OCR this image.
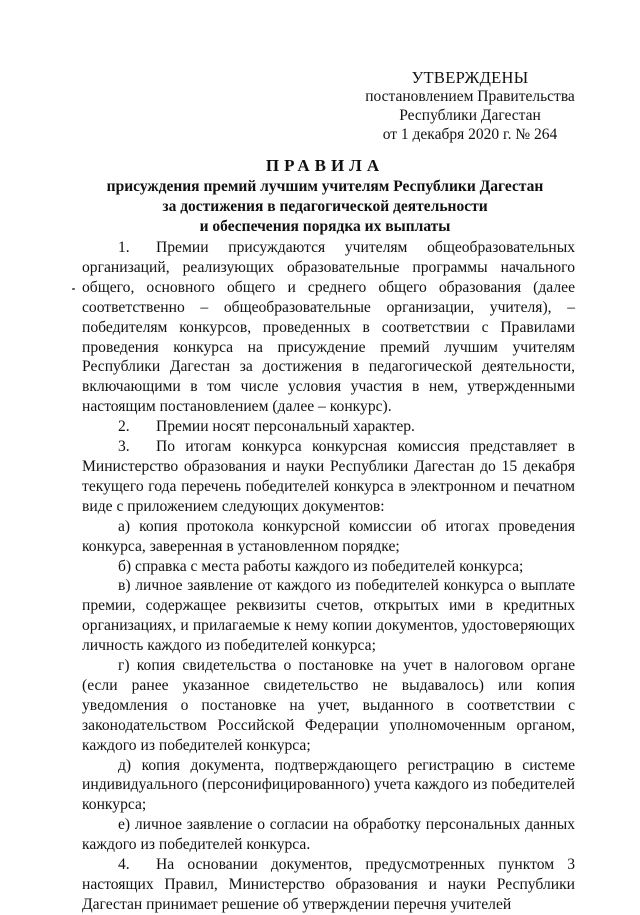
УТВЕРЖДЕНЫ
постановлением Правительства
Республики Дагестан
от 1 декабря 2020 г. № 264
ПРАВИЛА
присуждения премий лучшим учителям Республики Дагестан
за достижения в педагогической деятельности
и обеспечения порядка их выплаты

1. Премии присуждаются учителям общеобразовательных организаций, реализующих образовательные программы начального общего, основного общего и среднего общего образования (далее соответственно – общеобразовательные организации, учителя), – победителям конкурсов, проведенных в соответствии с Правилами проведения конкурса на присуждение премий лучшим учителям Республики Дагестан за достижения в педагогической деятельности, включающими в том числе условия участия в нем, утвержденными настоящим постановлением (далее – конкурс).

2. Премии носят персональный характер.

3. По итогам конкурса конкурсная комиссия представляет в Министерство образования и науки Республики Дагестан до 15 декабря текущего года перечень победителей конкурса в электронном и печатном виде с приложением следующих документов:

а) копия протокола конкурсной комиссии об итогах проведения конкурса, заверенная в установленном порядке;

б) справка с места работы каждого из победителей конкурса;

в) личное заявление от каждого из победителей конкурса о выплате премии, содержащее реквизиты счетов, открытых ими в кредитных организациях, и прилагаемые к нему копии документов, удостоверяющих личность каждого из победителей конкурса;

г) копия свидетельства о постановке на учет в налоговом органе (если ранее указанное свидетельство не выдавалось) или копия уведомления о постановке на учет, выданного в соответствии с законодательством Российской Федерации уполномоченным органом, каждого из победителей конкурса;

д) копия документа, подтверждающего регистрацию в системе индивидуального (персонифицированного) учета каждого из победителей конкурса;

е) личное заявление о согласии на обработку персональных данных каждого из победителей конкурса.

4. На основании документов, предусмотренных пунктом 3 настоящих Правил, Министерство образования и науки Республики Дагестан принимает решение об утверждении перечня учителей
